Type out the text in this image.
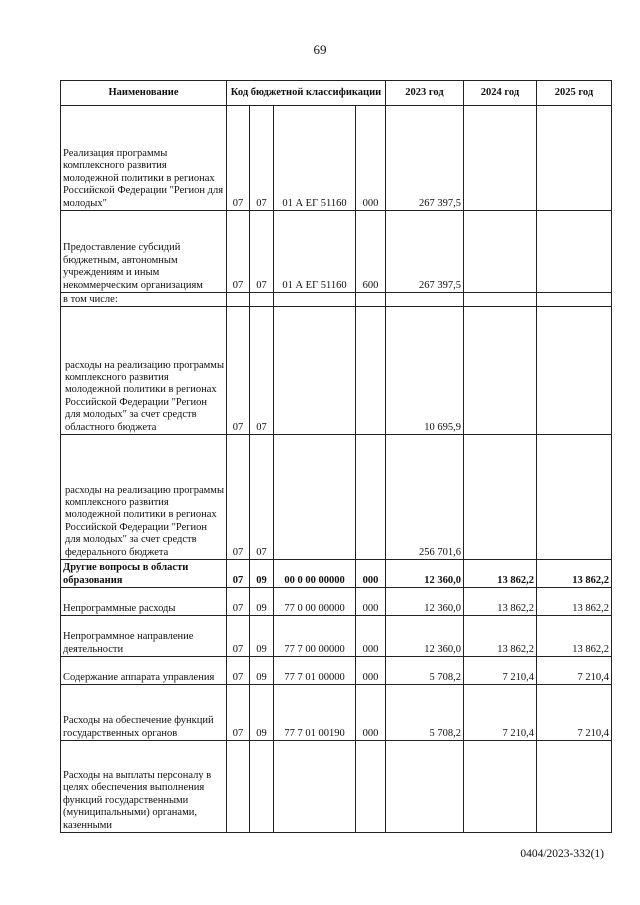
69
Наименование	Код бюджетной классификации				2023 год	2024 год	2025 год
Реализация программы комплексного развития молодежной политики в регионах Российской Федерации "Регион для молодых"	07	07	01 А ЕГ 51160	000	267 397,5		
Предоставление субсидий бюджетным, автономным учреждениям и иным некоммерческим организациям	07	07	01 А ЕГ 51160	600	267 397,5		
в том числе:							
расходы на реализацию программы комплексного развития молодежной политики в регионах Российской Федерации "Регион для молодых" за счет средств областного бюджета	07	07			10 695,9		
расходы на реализацию программы комплексного развития молодежной политики в регионах Российской Федерации "Регион для молодых" за счет средств федерального бюджета	07	07			256 701,6		
Другие вопросы в области образования	07	09	00 0 00 00000	000	12 360,0	13 862,2	13 862,2
Непрограммные расходы	07	09	77 0 00 00000	000	12 360,0	13 862,2	13 862,2
Непрограммное направление деятельности	07	09	77 7 00 00000	000	12 360,0	13 862,2	13 862,2
Содержание аппарата управления	07	09	77 7 01 00000	000	5 708,2	7 210,4	7 210,4
Расходы на обеспечение функций государственных органов	07	09	77 7 01 00190	000	5 708,2	7 210,4	7 210,4
Расходы на выплаты персоналу в целях обеспечения выполнения функций государственными (муниципальными) органами, казенными							
0404/2023-332(1)
